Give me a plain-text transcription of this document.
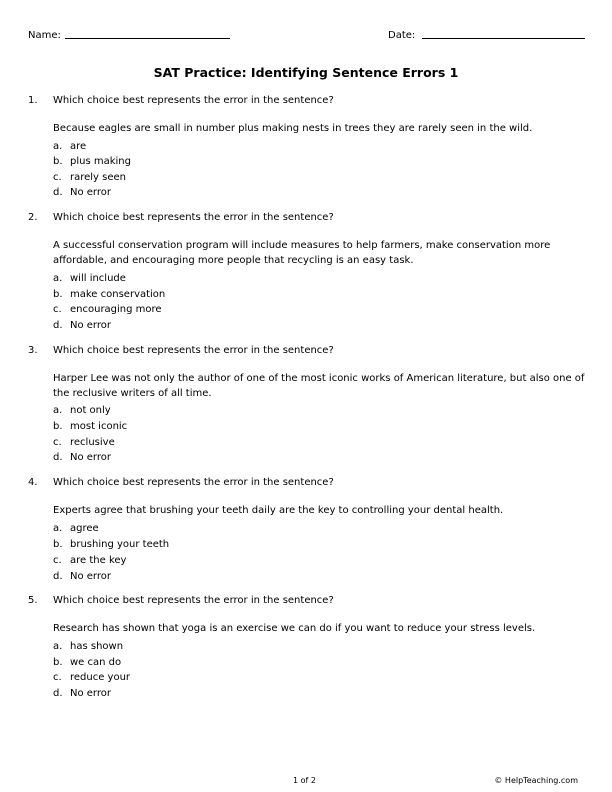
Name:	Date:
SAT Practice: Identifying Sentence Errors 1
1. Which choice best represents the error in the sentence?
Because eagles are small in number plus making nests in trees they are rarely seen in the wild.
a. are
b. plus making
c. rarely seen
d. No error
2. Which choice best represents the error in the sentence?
A successful conservation program will include measures to help farmers, make conservation more affordable, and encouraging more people that recycling is an easy task.
a. will include
b. make conservation
c. encouraging more
d. No error
3. Which choice best represents the error in the sentence?
Harper Lee was not only the author of one of the most iconic works of American literature, but also one of the reclusive writers of all time.
a. not only
b. most iconic
c. reclusive
d. No error
4. Which choice best represents the error in the sentence?
Experts agree that brushing your teeth daily are the key to controlling your dental health.
a. agree
b. brushing your teeth
c. are the key
d. No error
5. Which choice best represents the error in the sentence?
Research has shown that yoga is an exercise we can do if you want to reduce your stress levels.
a. has shown
b. we can do
c. reduce your
d. No error
1 of 2	© HelpTeaching.com
